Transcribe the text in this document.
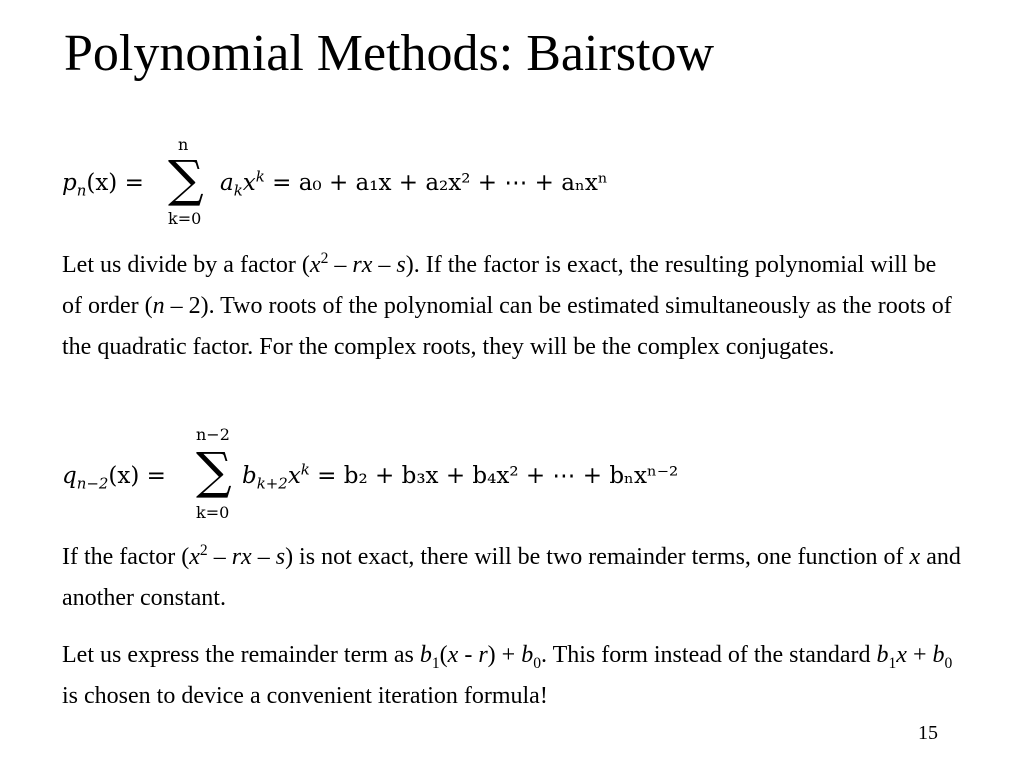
Polynomial Methods: Bairstow
$p_n(x)$ =
n
∑
k=0
$a_kx^k = a_0 + a_1x + a_2x^2$ + ⋯ + aₙxⁿ
Let us divide by a factor ($x^2$ – rx – s). If the factor is exact, the resulting polynomial will be of order (n – 2). Two roots of the polynomial can be estimated simultaneously as the roots of the quadratic factor. For the complex roots, they will be the complex conjugates.
$q_{n-2}(x)$ =
n−2
∑
k=0
$b_{k+2}x^k = b_2 + b_3x + b_4x^2$ + ⋯ + bₙxⁿ⁻²
If the factor ($x^2$ – rx – s) is not exact, there will be two remainder terms, one function of x and another constant.
Let us express the remainder term as $b_1(x - r) + b_0$. This form instead of the standard $b_1x + b_0$ is chosen to device a convenient iteration formula!
15
